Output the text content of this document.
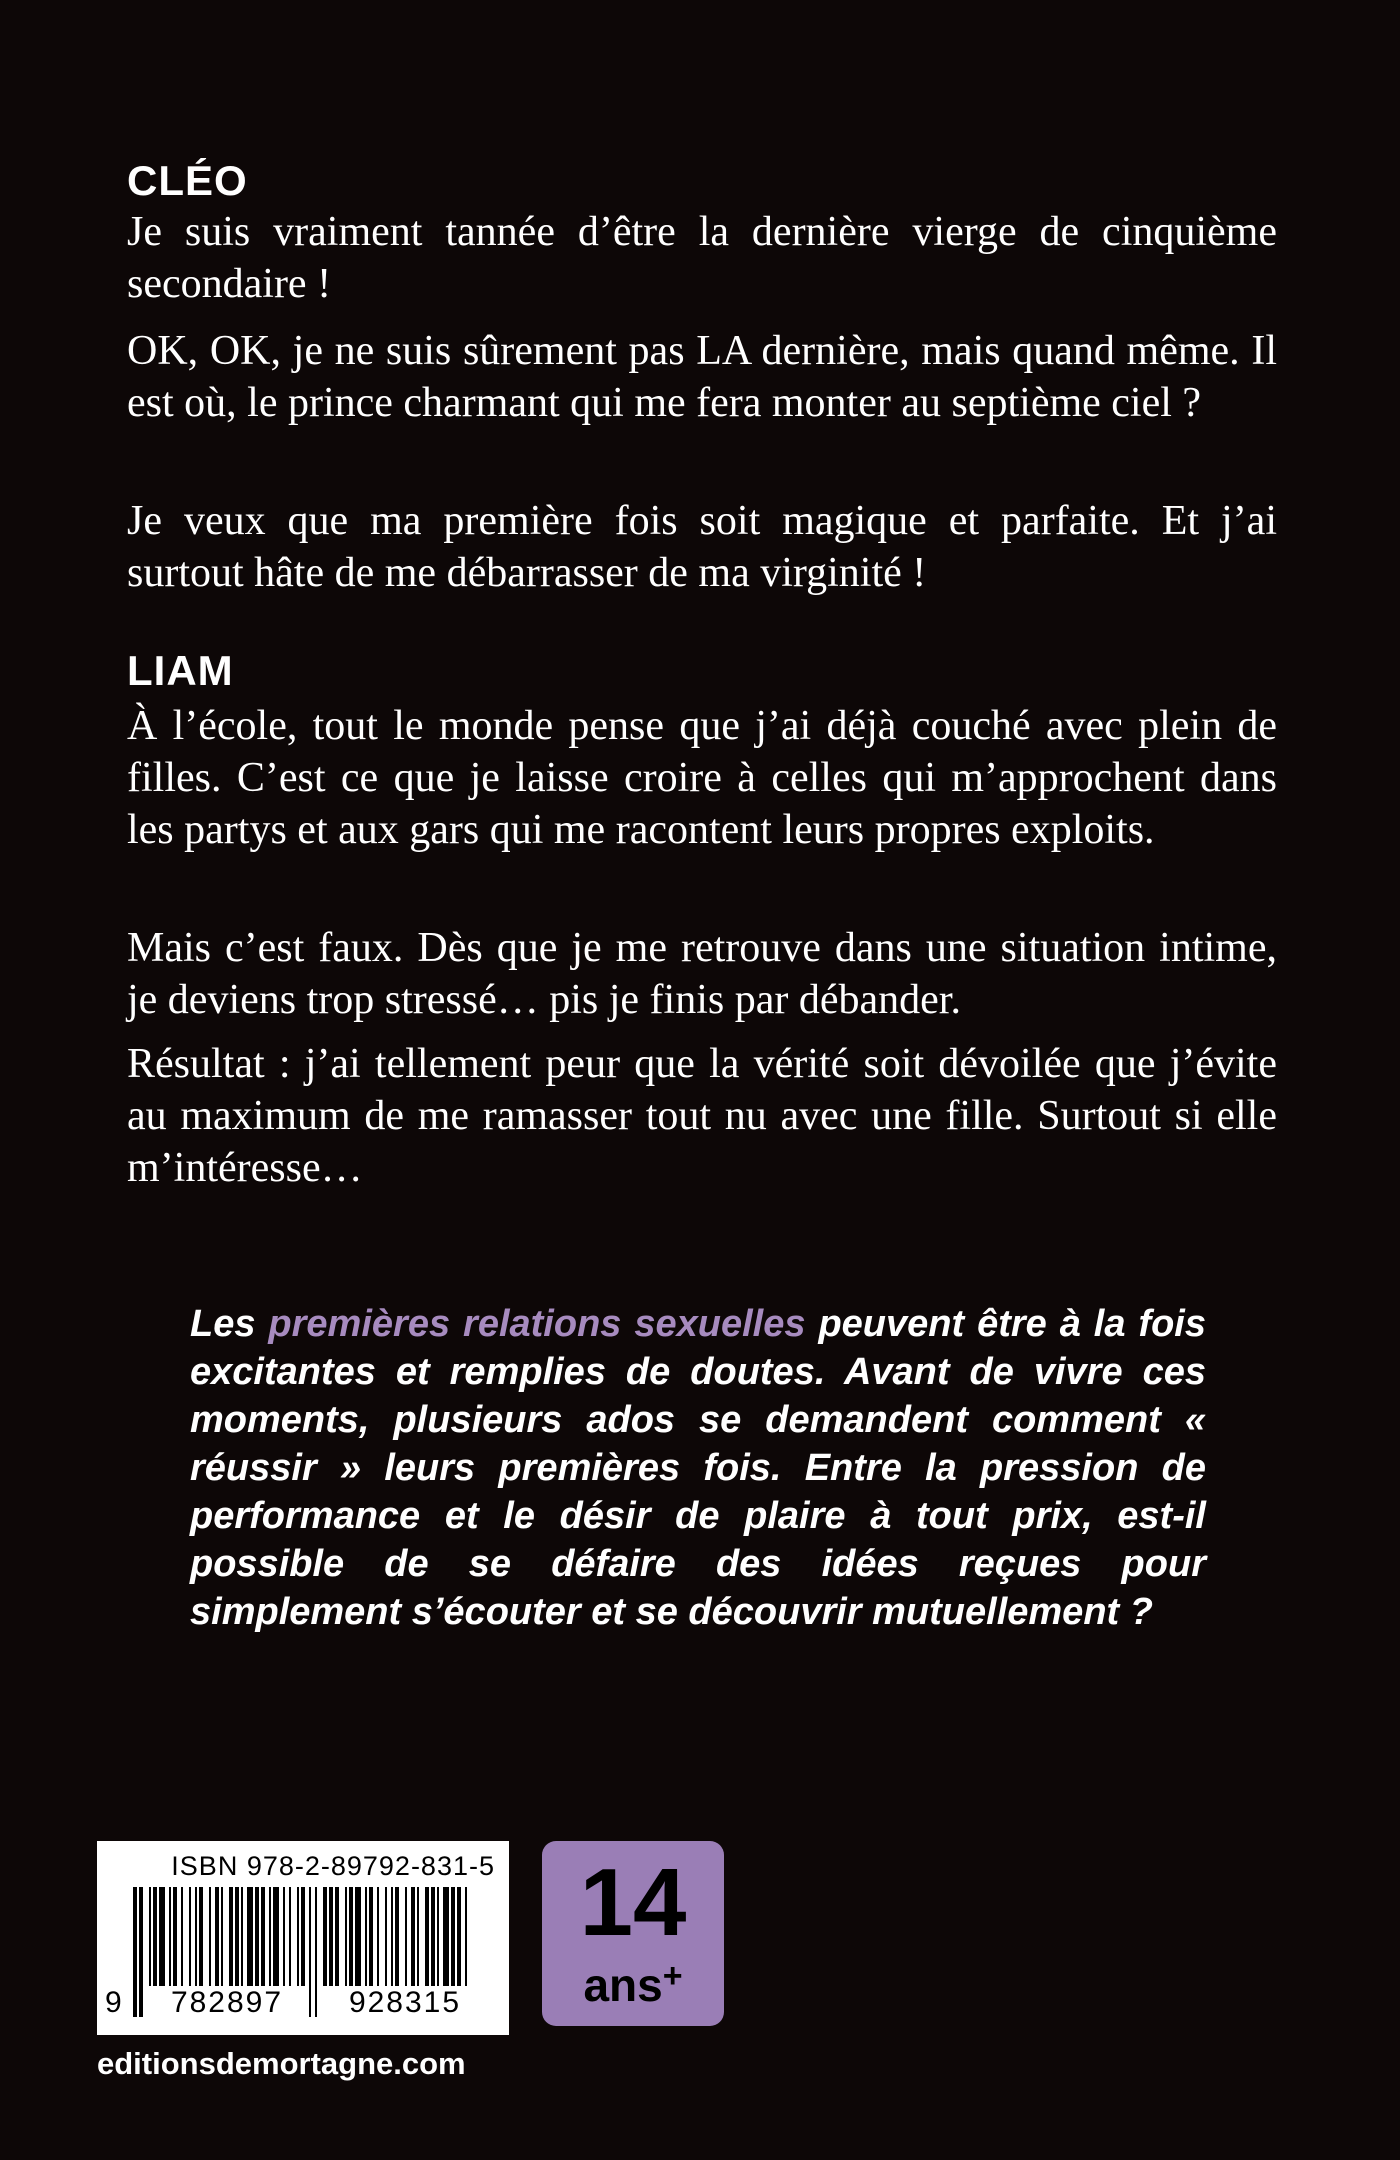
CLÉO

Je suis vraiment tannée d’être la dernière vierge de cinquième secondaire !

OK, OK, je ne suis sûrement pas LA dernière, mais quand même. Il est où, le prince charmant qui me fera monter au septième ciel ?

Je veux que ma première fois soit magique et parfaite. Et j’ai surtout hâte de me débarrasser de ma virginité !

LIAM

À l’école, tout le monde pense que j’ai déjà couché avec plein de filles. C’est ce que je laisse croire à celles qui m’approchent dans les partys et aux gars qui me racontent leurs propres exploits.

Mais c’est faux. Dès que je me retrouve dans une situation intime, je deviens trop stressé… pis je finis par débander.

Résultat : j’ai tellement peur que la vérité soit dévoilée que j’évite au maximum de me ramasser tout nu avec une fille. Surtout si elle m’intéresse…

Les premières relations sexuelles peuvent être à la fois excitantes et remplies de doutes. Avant de vivre ces moments, plusieurs ados se demandent comment « réussir » leurs premières fois. Entre la pression de performance et le désir de plaire à tout prix, est-il possible de se défaire des idées reçues pour simplement s’écouter et se découvrir mutuellement ?

ISBN 978-2-89792-831-5
9	782897	928315
14
ans+

editionsdemortagne.com
